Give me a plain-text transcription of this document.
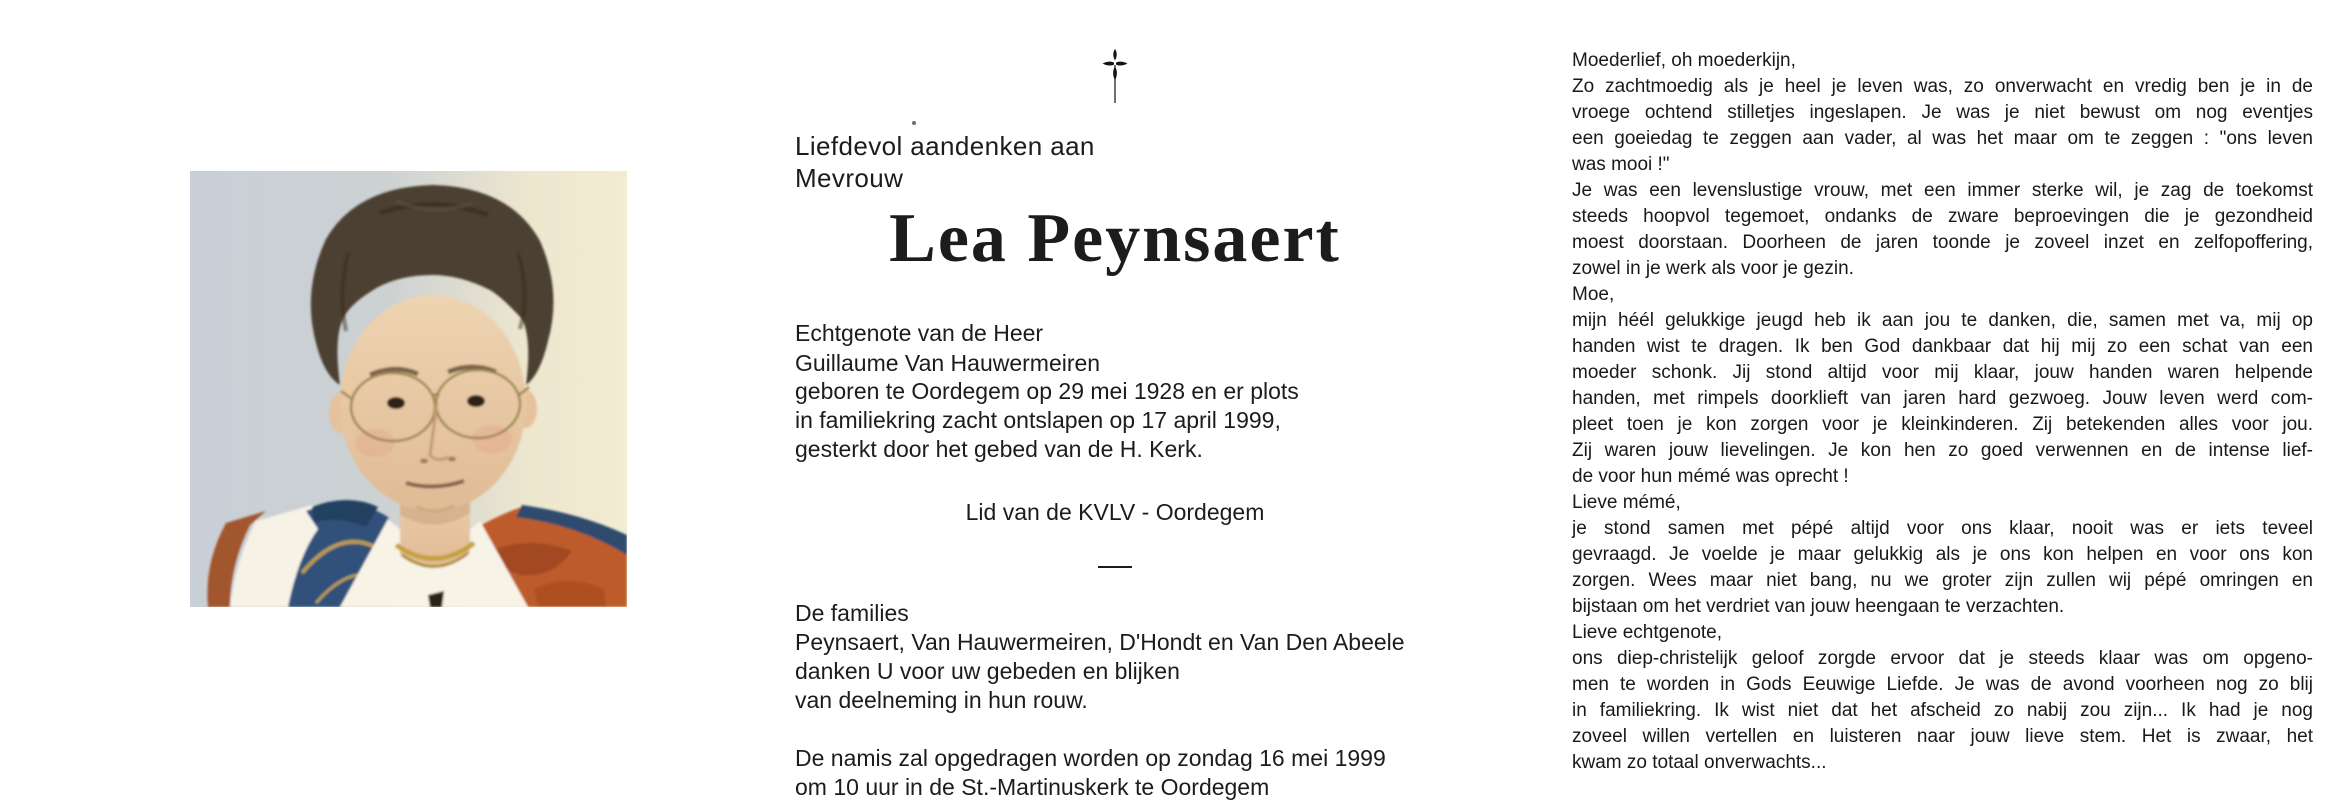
Liefdevol aandenken aan
Mevrouw
Lea Peynsaert
Echtgenote van de Heer
Guillaume Van Hauwermeiren
geboren te Oordegem op 29 mei 1928 en er plots
in familiekring zacht ontslapen op 17 april 1999,
gesterkt door het gebed van de H. Kerk.
Lid van de KVLV - Oordegem
De families
Peynsaert, Van Hauwermeiren, D'Hondt en Van Den Abeele
danken U voor uw gebeden en blijken
van deelneming in hun rouw.
De namis zal opgedragen worden op zondag 16 mei 1999
om 10 uur in de St.-Martinuskerk te Oordegem
Moederlief, oh moederkijn,
Zo zachtmoedig als je heel je leven was, zo onverwacht en vredig ben je in de
vroege ochtend stilletjes ingeslapen. Je was je niet bewust om nog eventjes
een goeiedag te zeggen aan vader, al was het maar om te zeggen : "ons leven
was mooi !"
Je was een levenslustige vrouw, met een immer sterke wil, je zag de toekomst
steeds hoopvol tegemoet, ondanks de zware beproevingen die je gezondheid
moest doorstaan. Doorheen de jaren toonde je zoveel inzet en zelfopoffering,
zowel in je werk als voor je gezin.
Moe,
mijn héél gelukkige jeugd heb ik aan jou te danken, die, samen met va, mij op
handen wist te dragen. Ik ben God dankbaar dat hij mij zo een schat van een
moeder schonk. Jij stond altijd voor mij klaar, jouw handen waren helpende
handen, met rimpels doorklieft van jaren hard gezwoeg. Jouw leven werd com-
pleet toen je kon zorgen voor je kleinkinderen. Zij betekenden alles voor jou.
Zij waren jouw lievelingen. Je kon hen zo goed verwennen en de intense lief-
de voor hun mémé was oprecht !
Lieve mémé,
je stond samen met pépé altijd voor ons klaar, nooit was er iets teveel
gevraagd. Je voelde je maar gelukkig als je ons kon helpen en voor ons kon
zorgen. Wees maar niet bang, nu we groter zijn zullen wij pépé omringen en
bijstaan om het verdriet van jouw heengaan te verzachten.
Lieve echtgenote,
ons diep-christelijk geloof zorgde ervoor dat je steeds klaar was om opgeno-
men te worden in Gods Eeuwige Liefde. Je was de avond voorheen nog zo blij
in familiekring. Ik wist niet dat het afscheid zo nabij zou zijn... Ik had je nog
zoveel willen vertellen en luisteren naar jouw lieve stem. Het is zwaar, het
kwam zo totaal onverwachts...
